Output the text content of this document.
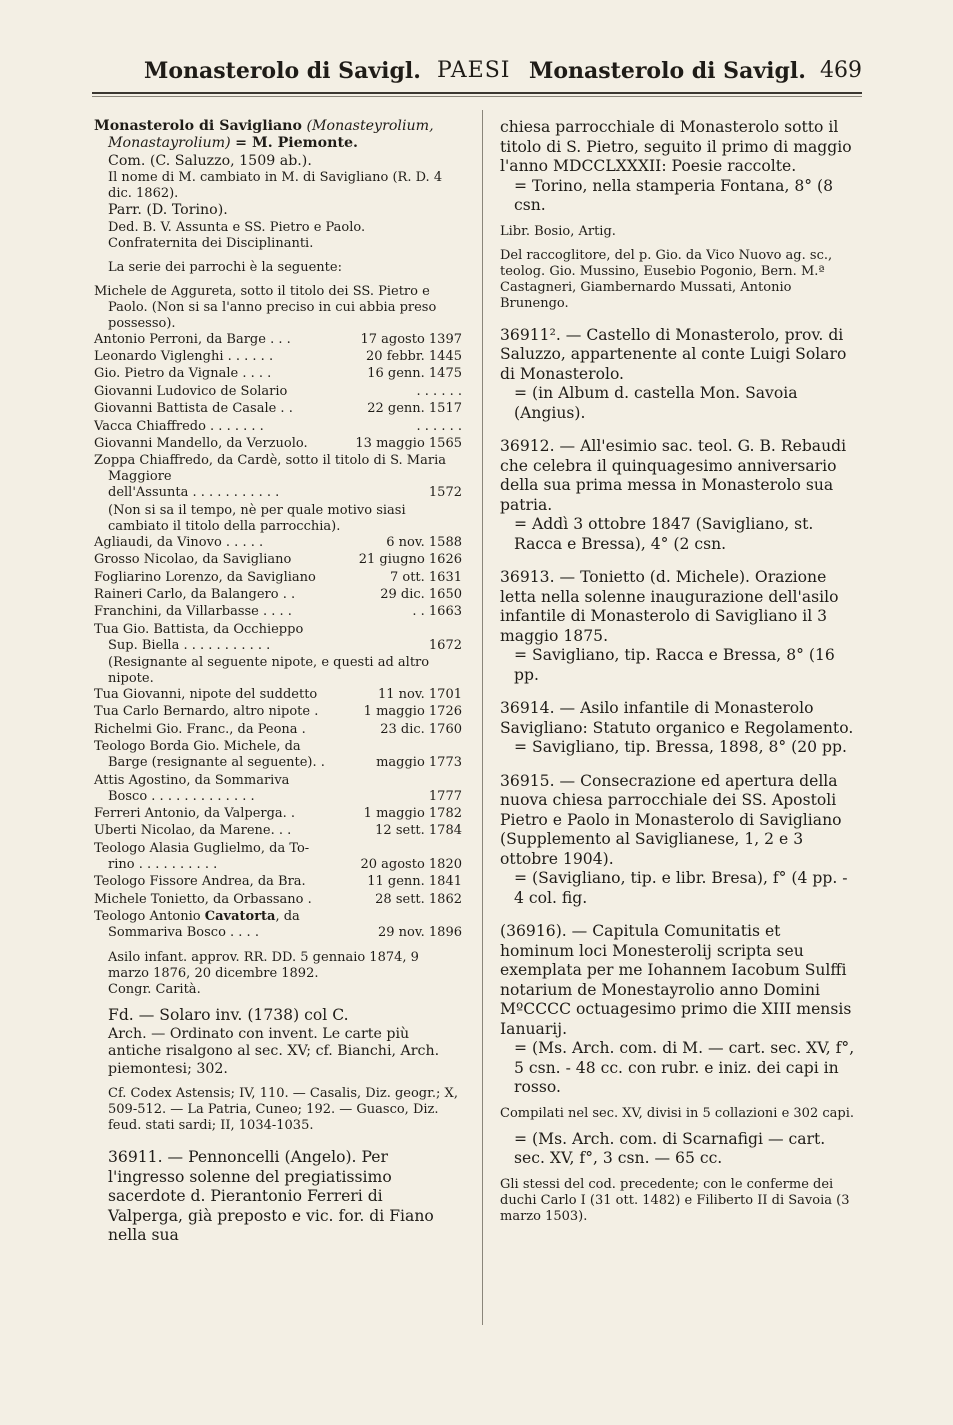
Monasterolo di Savigl. PAESI Monasterolo di Savigl. 469

Monasterolo di Savigliano (Monasteyrolium, Monastayrolium) = M. Piemonte.

Com. (C. Saluzzo, 1509 ab.).

Il nome di M. cambiato in M. di Savigliano (R. D. 4 dic. 1862).

Parr. (D. Torino).

Ded. B. V. Assunta e SS. Pietro e Paolo.

Confraternita dei Disciplinanti.

La serie dei parrochi è la seguente:

Michele de Aggureta, sotto il titolo dei SS. Pietro e Paolo. (Non si sa l'anno preciso in cui abbia preso possesso).

Antonio Perroni, da Barge . . .	17 agosto 1397
Leonardo Viglenghi . . . . . .	20 febbr. 1445
Gio. Pietro da Vignale . . . .	16 genn. 1475
Giovanni Ludovico de Solario	. . . . . .
Giovanni Battista de Casale . .	22 genn. 1517
Vacca Chiaffredo . . . . . . .	. . . . . .
Giovanni Mandello, da Verzuolo.	13 maggio 1565

Zoppa Chiaffredo, da Cardè, sotto il titolo di S. Maria Maggiore

dell'Assunta . . . . . . . . . . .	1572

(Non si sa il tempo, nè per quale motivo siasi cambiato il titolo della parrocchia).

Agliaudi, da Vinovo . . . . .	6 nov. 1588
Grosso Nicolao, da Savigliano	21 giugno 1626
Fogliarino Lorenzo, da Savigliano	7 ott. 1631
Raineri Carlo, da Balangero . .	29 dic. 1650
Franchini, da Villarbasse . . . .	. . 1663

Tua Gio. Battista, da Occhieppo

Sup. Biella . . . . . . . . . . .	1672

(Resignante al seguente nipote, e questi ad altro nipote.

Tua Giovanni, nipote del suddetto	11 nov. 1701
Tua Carlo Bernardo, altro nipote .	1 maggio 1726
Richelmi Gio. Franc., da Peona .	23 dic. 1760

Teologo Borda Gio. Michele, da

Barge (resignante al seguente). .	maggio 1773

Attis Agostino, da Sommariva

Bosco . . . . . . . . . . . . .	1777
Ferreri Antonio, da Valperga. .	1 maggio 1782
Uberti Nicolao, da Marene. . .	12 sett. 1784

Teologo Alasia Guglielmo, da To-

rino . . . . . . . . . .	20 agosto 1820
Teologo Fissore Andrea, da Bra.	11 genn. 1841
Michele Tonietto, da Orbassano .	28 sett. 1862

Teologo Antonio Cavatorta, da

Sommariva Bosco . . . .	29 nov. 1896

Asilo infant. approv. RR. DD. 5 gennaio 1874, 9 marzo 1876, 20 dicembre 1892.

Congr. Carità.

Fd. — Solaro inv. (1738) col C.

Arch. — Ordinato con invent. Le carte più antiche risalgono al sec. XV; cf. Bianchi, Arch. piemontesi; 302.

Cf. Codex Astensis; IV, 110. — Casalis, Diz. geogr.; X, 509-512. — La Patria, Cuneo; 192. — Guasco, Diz. feud. stati sardi; II, 1034-1035.

36911. — Pennoncelli (Angelo). Per l'ingresso solenne del pregiatissimo sacerdote d. Pierantonio Ferreri di Valperga, già preposto e vic. for. di Fiano nella sua

chiesa parrocchiale di Monasterolo sotto il titolo di S. Pietro, seguito il primo di maggio l'anno MDCCLXXXII: Poesie raccolte.

= Torino, nella stamperia Fontana, 8° (8 csn.

Libr. Bosio, Artig.

Del raccoglitore, del p. Gio. da Vico Nuovo ag. sc., teolog. Gio. Mussino, Eusebio Pogonio, Bern. M.ª Castagneri, Giambernardo Mussati, Antonio Brunengo.

36911². — Castello di Monasterolo, prov. di Saluzzo, appartenente al conte Luigi Solaro di Monasterolo.

= (in Album d. castella Mon. Savoia (Angius).

36912. — All'esimio sac. teol. G. B. Rebaudi che celebra il quinquagesimo anniversario della sua prima messa in Monasterolo sua patria.

= Addì 3 ottobre 1847 (Savigliano, st. Racca e Bressa), 4° (2 csn.

36913. — Tonietto (d. Michele). Orazione letta nella solenne inaugurazione dell'asilo infantile di Monasterolo di Savigliano il 3 maggio 1875.

= Savigliano, tip. Racca e Bressa, 8° (16 pp.

36914. — Asilo infantile di Monasterolo Savigliano: Statuto organico e Regolamento.

= Savigliano, tip. Bressa, 1898, 8° (20 pp.

36915. — Consecrazione ed apertura della nuova chiesa parrocchiale dei SS. Apostoli Pietro e Paolo in Monasterolo di Savigliano (Supplemento al Saviglianese, 1, 2 e 3 ottobre 1904).

= (Savigliano, tip. e libr. Bresa), f° (4 pp. - 4 col. fig.

(36916). — Capitula Comunitatis et hominum loci Monesterolij scripta seu exemplata per me Iohannem Iacobum Sulffi notarium de Monestayrolio anno Domini MºCCCC octuagesimo primo die XIII mensis Ianuarij.

= (Ms. Arch. com. di M. — cart. sec. XV, f°, 5 csn. - 48 cc. con rubr. e iniz. dei capi in rosso.

Compilati nel sec. XV, divisi in 5 collazioni e 302 capi.

= (Ms. Arch. com. di Scarnafigi — cart. sec. XV, f°, 3 csn. — 65 cc.

Gli stessi del cod. precedente; con le conferme dei duchi Carlo I (31 ott. 1482) e Filiberto II di Savoia (3 marzo 1503).
